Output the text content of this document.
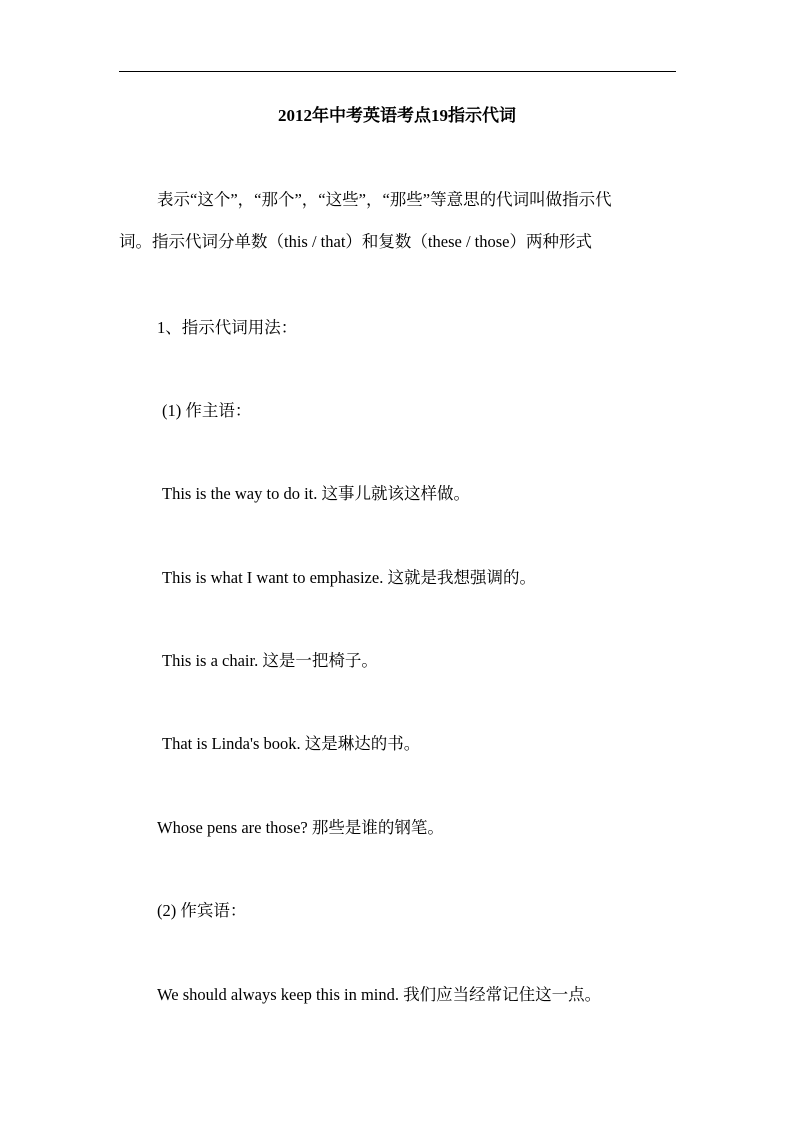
2012年中考英语考点19指示代词
表示“这个”，“那个”，“这些”，“那些”等意思的代词叫做指示代
词。指示代词分单数（this / that）和复数（these / those）两种形式
1、指示代词用法：
(1) 作主语：
This is the way to do it. 这事儿就该这样做。
This is what I want to emphasize. 这就是我想强调的。
This is a chair. 这是一把椅子。
That is Linda's book. 这是琳达的书。
Whose pens are those? 那些是谁的钢笔。
(2) 作宾语：
We should always keep this in mind. 我们应当经常记住这一点。
